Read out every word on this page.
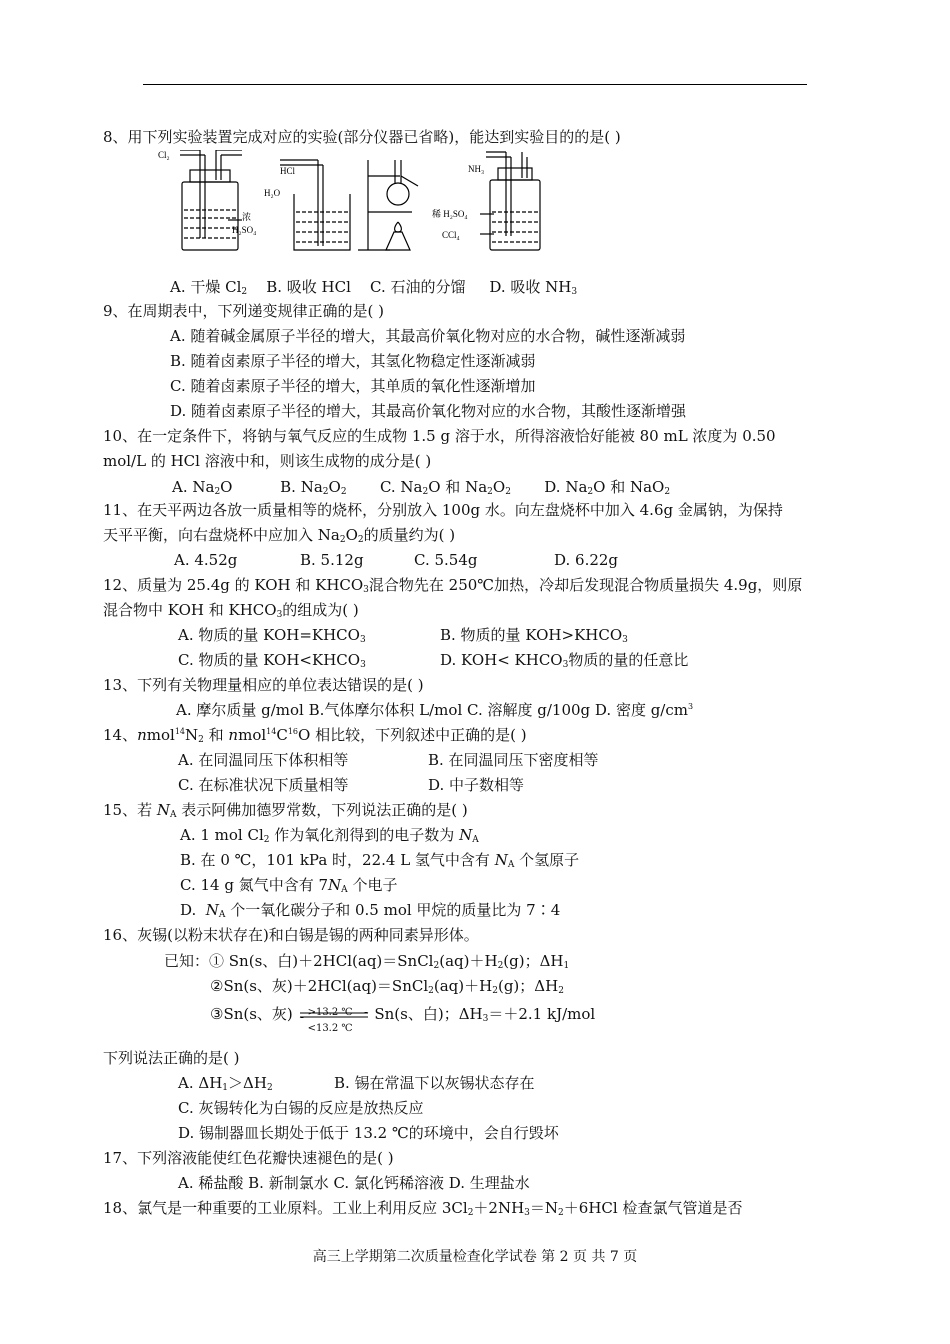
8、用下列实验装置完成对应的实验(部分仪器已省略)，能达到实验目的的是( )
Cl₂
浓
H₂SO₄
HCl
H₂O
NH₃
稀 H₂SO₄
CCl₄
A. 干燥 $Cl_2$ B. 吸收 HCl C. 石油的分馏 D. 吸收 $NH_3$
9、在周期表中，下列递变规律正确的是( )
A. 随着碱金属原子半径的增大，其最高价氧化物对应的水合物，碱性逐渐减弱
B. 随着卤素原子半径的增大，其氢化物稳定性逐渐减弱
C. 随着卤素原子半径的增大，其单质的氧化性逐渐增加
D. 随着卤素原子半径的增大，其最高价氧化物对应的水合物，其酸性逐渐增强
10、在一定条件下，将钠与氧气反应的生成物 1.5 g 溶于水，所得溶液恰好能被 80 mL 浓度为 0.50
mol/L 的 HCl 溶液中和，则该生成物的成分是( )
A. $Na_2O$          B. $Na_2O_2$       C. $Na_2O$ 和 $Na_2O_2$       D. $Na_2O$ 和 NaO$_2$
11、在天平两边各放一质量相等的烧杯，分别放入 100g 水。向左盘烧杯中加入 4.6g 金属钠，为保持
天平平衡，向右盘烧杯中应加入 $Na_2O_2$的质量约为( )
A. 4.52g	B. 5.12g	C. 5.54g	D. 6.22g
12、质量为 25.4g 的 KOH 和 $KHCO_3$混合物先在 250℃加热，冷却后发现混合物质量损失 4.9g，则原
混合物中 KOH 和 $KHCO_3$的组成为( )
A. 物质的量 $KOH=KHCO_3$	B. 物质的量 $KOH>KHCO_3$
C. 物质的量 $KOH<KHCO_3$	D. $KOH< KHCO_3$物质的量的任意比
13、下列有关物理量相应的单位表达错误的是( )
A. 摩尔质量 g/mol B.气体摩尔体积 L/mol C. 溶解度 g/100g D. 密度 $g/cm^3$
14、$nmol^{14}N_2$ 和 $nmol^{14}C^{16}O$ 相比较，下列叙述中正确的是( )
A. 在同温同压下体积相等	B. 在同温同压下密度相等
C. 在标准状况下质量相等	D. 中子数相等
15、若 $N_A$ 表示阿佛加德罗常数，下列说法正确的是( )
A. 1 mol $Cl_2$ 作为氧化剂得到的电子数为 $N_A$
B. 在 0 ℃，101 kPa 时，22.4 L 氢气中含有 $N_A$ 个氢原子
C. 14 g 氮气中含有 $7N_A$ 个电子
D.  $N_A$ 个一氧化碳分子和 0.5 mol 甲烷的质量比为 7∶4
16、灰锡(以粉末状存在)和白锡是锡的两种同素异形体。
已知：① Sn(s、白)$+2HCl(aq)=SnCl_2(aq)+H_2(g)$；$\Delta H_1$
②Sn(s、灰)$+2HCl(aq)=SnCl_2(aq)+H_2(g)$；$\Delta H_2$
③Sn(s、灰) >13.2 ℃
<13.2 ℃
Sn(s、白)；$\Delta H_3=+2.1$ kJ/mol
下列说法正确的是( )
A. $\Delta H_1>\Delta H_2$	B. 锡在常温下以灰锡状态存在
C. 灰锡转化为白锡的反应是放热反应
D. 锡制器皿长期处于低于 13.2 ℃的环境中，会自行毁坏
17、下列溶液能使红色花瓣快速褪色的是( )
A. 稀盐酸 B. 新制氯水 C. 氯化钙稀溶液 D. 生理盐水
18、氯气是一种重要的工业原料。工业上利用反应 $3Cl_2+2NH_3=N_2+6HCl$ 检查氯气管道是否
高三上学期第二次质量检查化学试卷 第 2 页 共 7 页
